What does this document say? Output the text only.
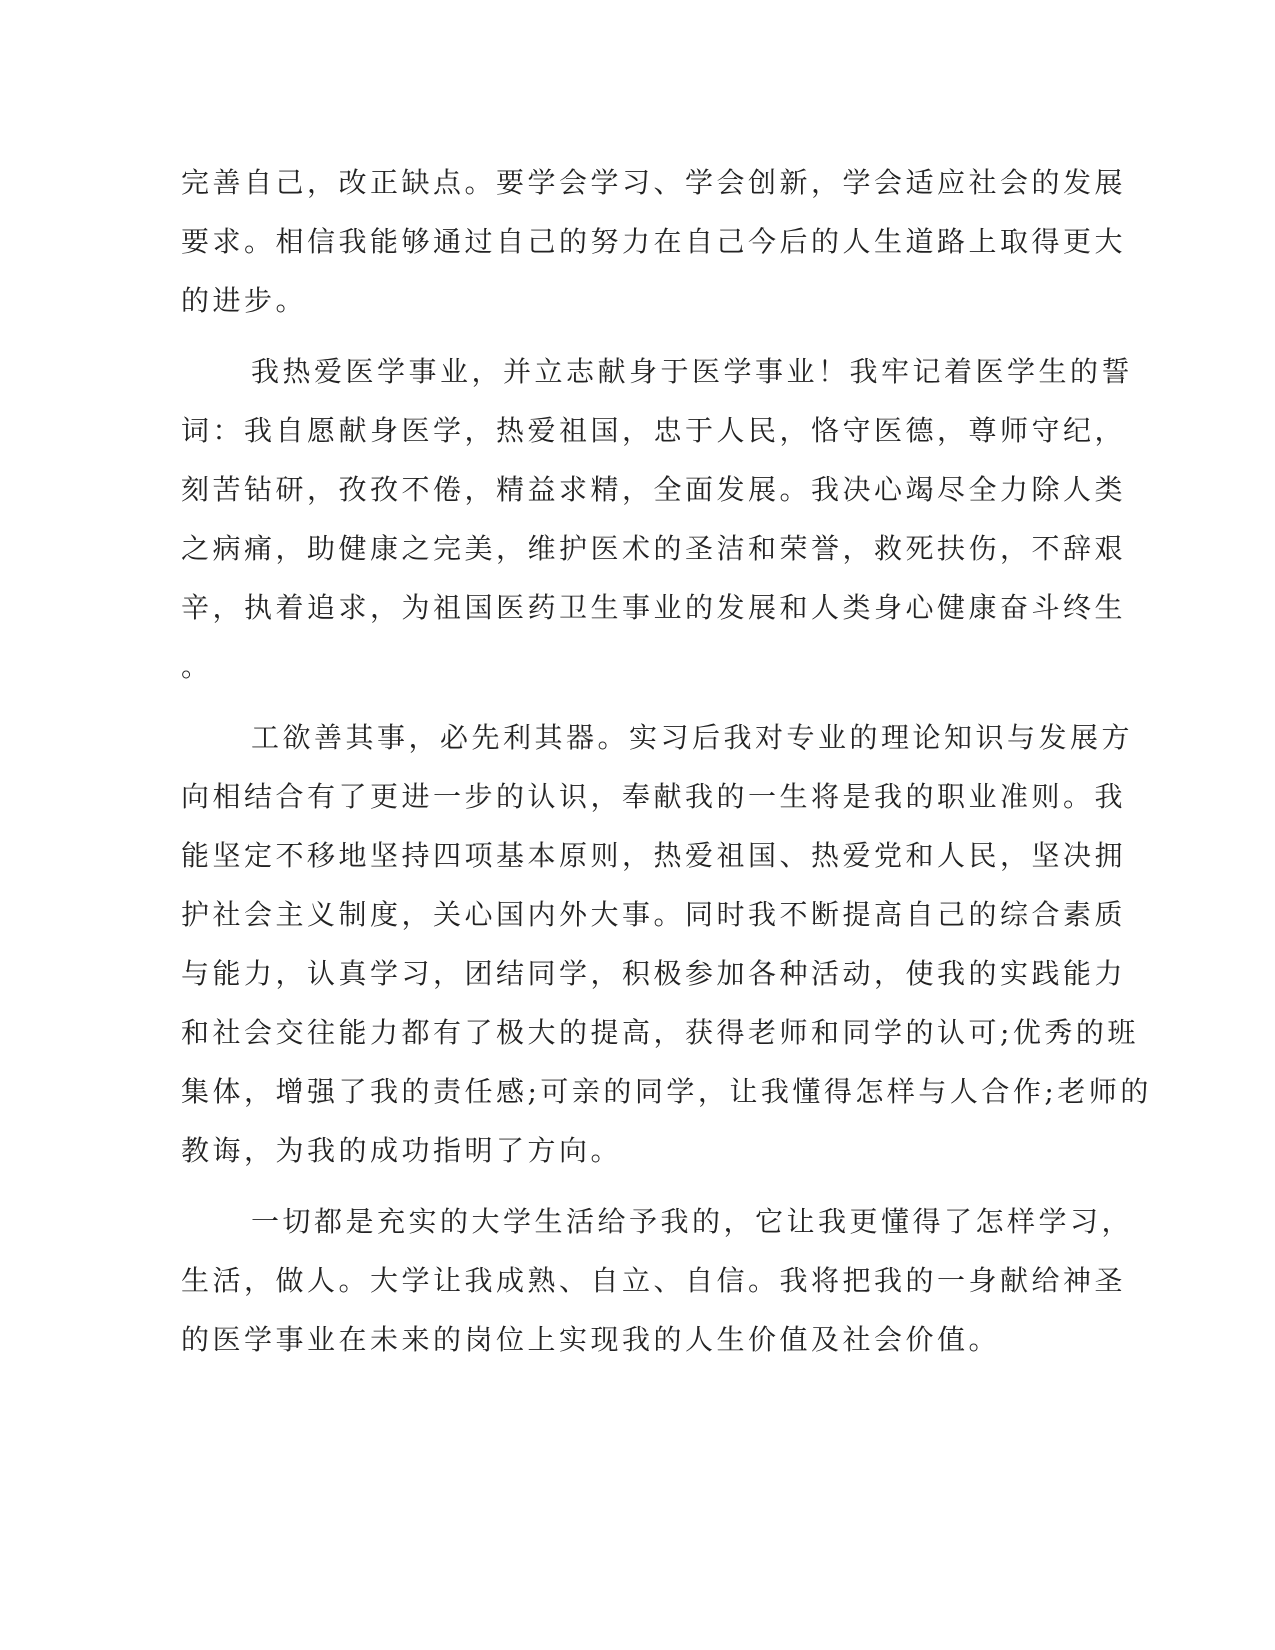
完善自己，改正缺点。要学会学习、学会创新，学会适应社会的发展
要求。相信我能够通过自己的努力在自己今后的人生道路上取得更大
的进步。
我热爱医学事业，并立志献身于医学事业！我牢记着医学生的誓
词：我自愿献身医学，热爱祖国，忠于人民，恪守医德，尊师守纪，
刻苦钻研，孜孜不倦，精益求精，全面发展。我决心竭尽全力除人类
之病痛，助健康之完美，维护医术的圣洁和荣誉，救死扶伤，不辞艰
辛，执着追求，为祖国医药卫生事业的发展和人类身心健康奋斗终生
。
工欲善其事，必先利其器。实习后我对专业的理论知识与发展方
向相结合有了更进一步的认识，奉献我的一生将是我的职业准则。我
能坚定不移地坚持四项基本原则，热爱祖国、热爱党和人民，坚决拥
护社会主义制度，关心国内外大事。同时我不断提高自己的综合素质
与能力，认真学习，团结同学，积极参加各种活动，使我的实践能力
和社会交往能力都有了极大的提高，获得老师和同学的认可;优秀的班
集体，增强了我的责任感;可亲的同学，让我懂得怎样与人合作;老师的
教诲，为我的成功指明了方向。
一切都是充实的大学生活给予我的，它让我更懂得了怎样学习，
生活，做人。大学让我成熟、自立、自信。我将把我的一身献给神圣
的医学事业在未来的岗位上实现我的人生价值及社会价值。
